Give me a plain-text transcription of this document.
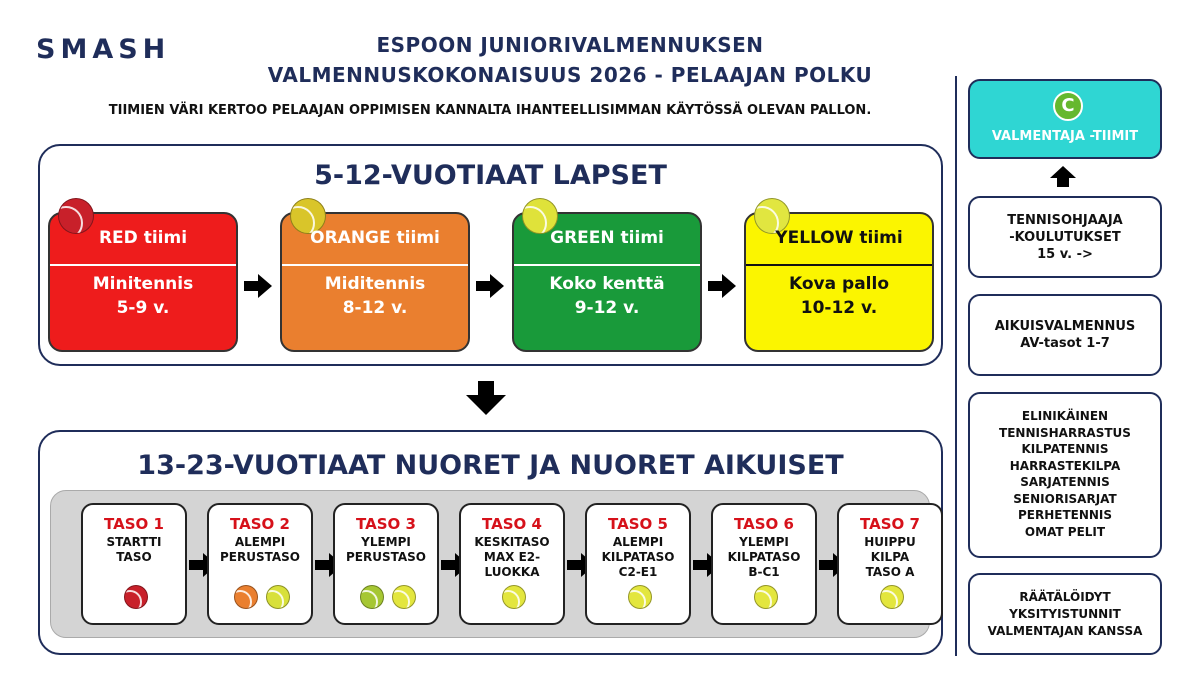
SMASH	ESPOON JUNIORIVALMENNUKSEN
VALMENNUSKOKONAISUUS 2026 - PELAAJAN POLKU
TIIMIEN VÄRI KERTOO PELAAJAN OPPIMISEN KANNALTA IHANTEELLISIMMAN KÄYTÖSSÄ OLEVAN PALLON.
5-12-VUOTIAAT LAPSET
RED tiimi
Minitennis
5-9 v.
ORANGE tiimi
Miditennis
8-12 v.
GREEN tiimi
Koko kenttä
9-12 v.
YELLOW tiimi
Kova pallo
10-12 v.
13-23-VUOTIAAT NUORET JA NUORET AIKUISET
TASO 1
STARTTI
TASO
TASO 2
ALEMPI
PERUSTASO
TASO 3
YLEMPI
PERUSTASO
TASO 4
KESKITASO
MAX E2-
LUOKKA
TASO 5
ALEMPI
KILPATASO
C2-E1
TASO 6
YLEMPI
KILPATASO
B-C1
TASO 7
HUIPPU
KILPA
TASO A
C
VALMENTAJA -TIIMIT
TENNISOHJAAJA
-KOULUTUKSET
15 v. ->
AIKUISVALMENNUS
AV-tasot 1-7
ELINIKÄINEN
TENNISHARRASTUS
KILPATENNIS
HARRASTEKILPA
SARJATENNIS
SENIORISARJAT
PERHETENNIS
OMAT PELIT
RÄÄTÄLÖIDYT
YKSITYISTUNNIT
VALMENTAJAN KANSSA
